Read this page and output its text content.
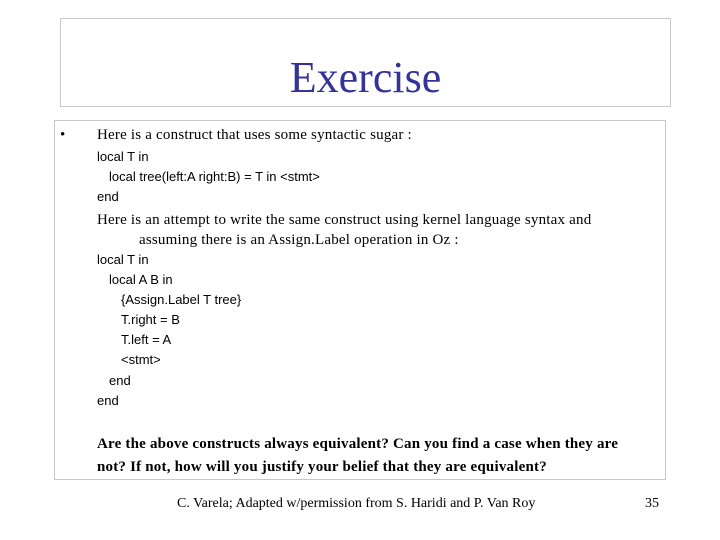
Exercise
• Here is a construct that uses some syntactic sugar :
local T in
local tree(left:A right:B) = T in <stmt>
end
Here is an attempt to write the same construct using kernel language syntax and
assuming there is an Assign.Label operation in Oz :
local T in
local A B in
{Assign.Label T tree}
T.right = B
T.left = A
<stmt>
end
end
Are the above constructs always equivalent? Can you find a case when they are
not? If not, how will you justify your belief that they are equivalent?
C. Varela; Adapted w/permission from S. Haridi and P. Van Roy	35
